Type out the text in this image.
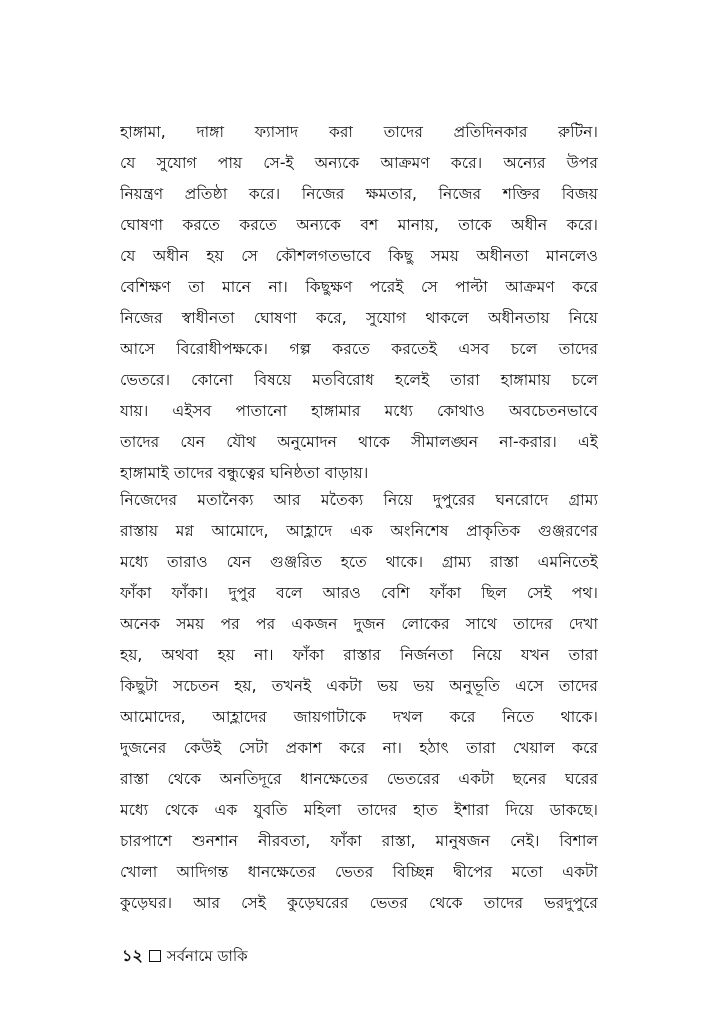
হাঙ্গামা, দাঙ্গা ফ্যাসাদ করা তাদের প্রতিদিনকার রুটিন।
যে সুযোগ পায় সে-ই অন্যকে আক্রমণ করে। অন্যের উপর
নিয়ন্ত্রণ প্রতিষ্ঠা করে। নিজের ক্ষমতার, নিজের শক্তির বিজয়
ঘোষণা করতে করতে অন্যকে বশ মানায়, তাকে অধীন করে।
যে অধীন হয় সে কৌশলগতভাবে কিছু সময় অধীনতা মানলেও
বেশিক্ষণ তা মানে না। কিছুক্ষণ পরেই সে পাল্টা আক্রমণ করে
নিজের স্বাধীনতা ঘোষণা করে, সুযোগ থাকলে অধীনতায় নিয়ে
আসে বিরোধীপক্ষকে। গল্প করতে করতেই এসব চলে তাদের
ভেতরে। কোনো বিষয়ে মতবিরোধ হলেই তারা হাঙ্গামায় চলে
যায়। এইসব পাতানো হাঙ্গামার মধ্যে কোথাও অবচেতনভাবে
তাদের যেন যৌথ অনুমোদন থাকে সীমালঙ্ঘন না-করার। এই
হাঙ্গামাই তাদের বন্ধুত্বের ঘনিষ্ঠতা বাড়ায়।
নিজেদের মতানৈক্য আর মতৈক্য নিয়ে দুপুরের ঘনরোদে গ্রাম্য
রাস্তায় মগ্ন আমোদে, আহ্লাদে এক অংনিশেষ প্রাকৃতিক গুঞ্জরণের
মধ্যে তারাও যেন গুঞ্জরিত হতে থাকে। গ্রাম্য রাস্তা এমনিতেই
ফাঁকা ফাঁকা। দুপুর বলে আরও বেশি ফাঁকা ছিল সেই পথ।
অনেক সময় পর পর একজন দুজন লোকের সাথে তাদের দেখা
হয়, অথবা হয় না। ফাঁকা রাস্তার নির্জনতা নিয়ে যখন তারা
কিছুটা সচেতন হয়, তখনই একটা ভয় ভয় অনুভূতি এসে তাদের
আমোদের, আহ্লাদের জায়গাটাকে দখল করে নিতে থাকে।
দুজনের কেউই সেটা প্রকাশ করে না। হঠাৎ তারা খেয়াল করে
রাস্তা থেকে অনতিদূরে ধানক্ষেতের ভেতরের একটা ছনের ঘরের
মধ্যে থেকে এক যুবতি মহিলা তাদের হাত ইশারা দিয়ে ডাকছে।
চারপাশে শুনশান নীরবতা, ফাঁকা রাস্তা, মানুষজন নেই। বিশাল
খোলা আদিগন্ত ধানক্ষেতের ভেতর বিচ্ছিন্ন দ্বীপের মতো একটা
কুড়েঘর। আর সেই কুড়েঘরের ভেতর থেকে তাদের ভরদুপুরে
১২ সর্বনামে ডাকি
